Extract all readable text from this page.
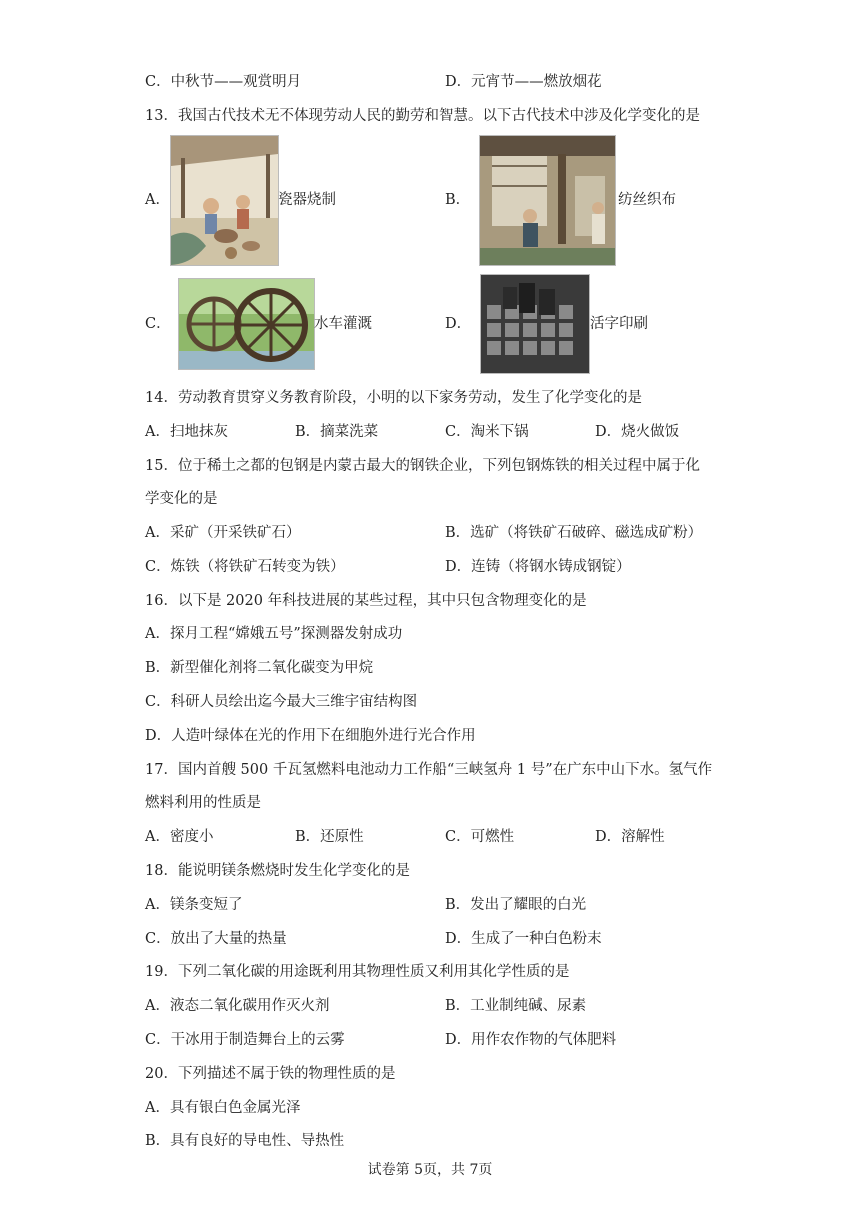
C．中秋节——观赏明月	D．元宵节——燃放烟花
13．我国古代技术无不体现劳动人民的勤劳和智慧。以下古代技术中涉及化学变化的是
A．	瓷器烧制	B．	纺丝织布
C．	水车灌溉	D．	活字印刷
14．劳动教育贯穿义务教育阶段，小明的以下家务劳动，发生了化学变化的是
A．扫地抹灰	B．摘菜洗菜	C．淘米下锅	D．烧火做饭
15．位于稀土之都的包钢是内蒙古最大的钢铁企业，下列包钢炼铁的相关过程中属于化
学变化的是
A．采矿（开采铁矿石）	B．选矿（将铁矿石破碎、磁选成矿粉）
C．炼铁（将铁矿石转变为铁）	D．连铸（将钢水铸成钢锭）
16．以下是 2020 年科技进展的某些过程，其中只包含物理变化的是
A．探月工程“嫦娥五号”探测器发射成功
B．新型催化剂将二氧化碳变为甲烷
C．科研人员绘出迄今最大三维宇宙结构图
D．人造叶绿体在光的作用下在细胞外进行光合作用
17．国内首艘 500 千瓦氢燃料电池动力工作船“三峡氢舟 1 号”在广东中山下水。氢气作
燃料利用的性质是
A．密度小	B．还原性	C．可燃性	D．溶解性
18．能说明镁条燃烧时发生化学变化的是
A．镁条变短了	B．发出了耀眼的白光
C．放出了大量的热量	D．生成了一种白色粉末
19．下列二氧化碳的用途既利用其物理性质又利用其化学性质的是
A．液态二氧化碳用作灭火剂	B．工业制纯碱、尿素
C．干冰用于制造舞台上的云雾	D．用作农作物的气体肥料
20．下列描述不属于铁的物理性质的是
A．具有银白色金属光泽
B．具有良好的导电性、导热性
试卷第 5页，共 7页
